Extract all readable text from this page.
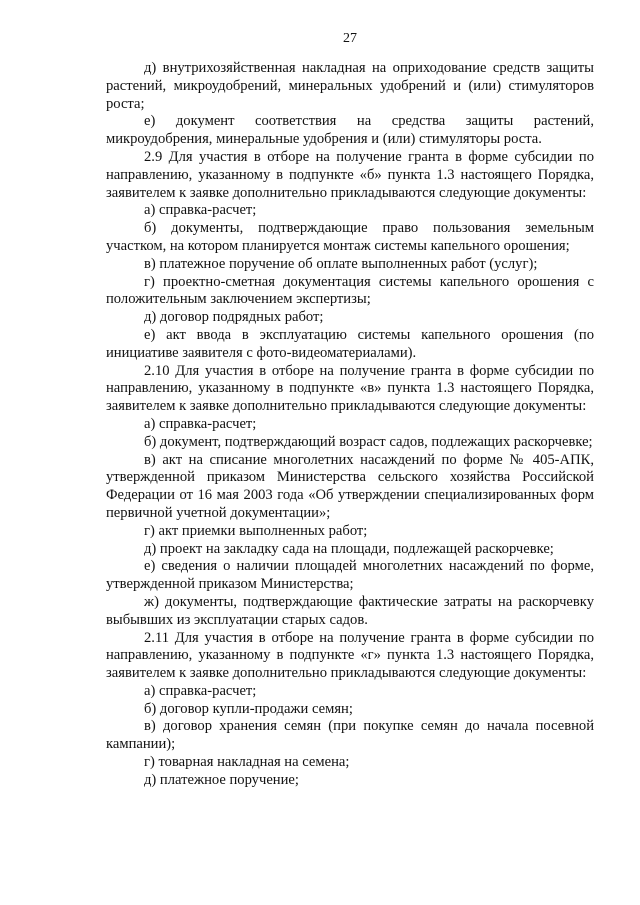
27

д) внутрихозяйственная накладная на оприходование средств защиты растений, микроудобрений, минеральных удобрений и (или) стимуляторов роста;

е) документ соответствия на средства защиты растений, микроудобрения, минеральные удобрения и (или) стимуляторы роста.

2.9 Для участия в отборе на получение гранта в форме субсидии по направлению, указанному в подпункте «б» пункта 1.3 настоящего Порядка, заявителем к заявке дополнительно прикладываются следующие документы:

а) справка-расчет;

б) документы, подтверждающие право пользования земельным участком, на котором планируется монтаж системы капельного орошения;

в) платежное поручение об оплате выполненных работ (услуг);

г) проектно-сметная документация системы капельного орошения с положительным заключением экспертизы;

д) договор подрядных работ;

е) акт ввода в эксплуатацию системы капельного орошения (по инициативе заявителя с фото-видеоматериалами).

2.10 Для участия в отборе на получение гранта в форме субсидии по направлению, указанному в подпункте «в» пункта 1.3 настоящего Порядка, заявителем к заявке дополнительно прикладываются следующие документы:

а) справка-расчет;

б) документ, подтверждающий возраст садов, подлежащих раскорчевке;

в) акт на списание многолетних насаждений по форме № 405-АПК, утвержденной приказом Министерства сельского хозяйства Российской Федерации от 16 мая 2003 года «Об утверждении специализированных форм первичной учетной документации»;

г) акт приемки выполненных работ;

д) проект на закладку сада на площади, подлежащей раскорчевке;

е) сведения о наличии площадей многолетних насаждений по форме, утвержденной приказом Министерства;

ж) документы, подтверждающие фактические затраты на раскорчевку выбывших из эксплуатации старых садов.

2.11 Для участия в отборе на получение гранта в форме субсидии по направлению, указанному в подпункте «г» пункта 1.3 настоящего Порядка, заявителем к заявке дополнительно прикладываются следующие документы:

а) справка-расчет;

б) договор купли-продажи семян;

в) договор хранения семян (при покупке семян до начала посевной кампании);

г) товарная накладная на семена;

д) платежное поручение;
